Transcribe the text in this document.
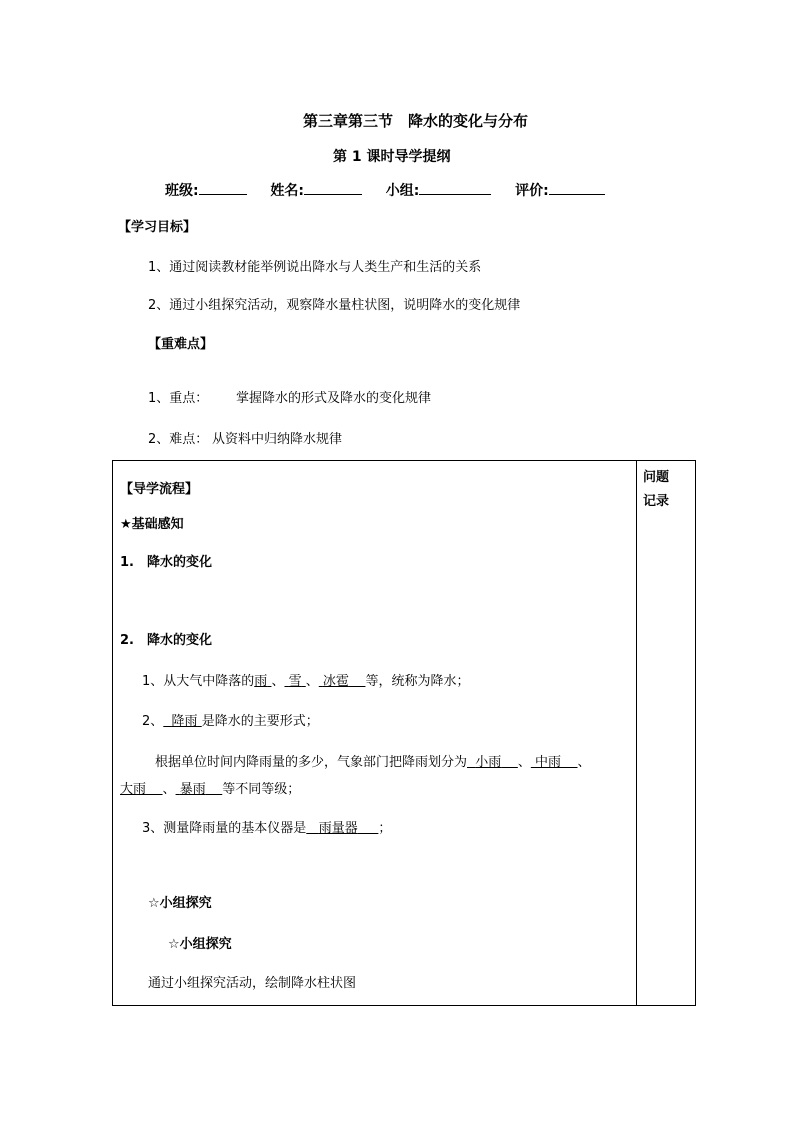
第三章第三节　降水的变化与分布
第 1 课时导学提纲
班级:	姓名:	小组:	评价:
【学习目标】
1、通过阅读教材能举例说出降水与人类生产和生活的关系
2、通过小组探究活动，观察降水量柱状图，说明降水的变化规律
【重难点】
1、重点： 掌握降水的形式及降水的变化规律
2、难点： 从资料中归纳降水规律
问题
记录
【导学流程】
★基础感知
1.　降水的变化
2.　降水的变化
1、从大气中降落的雨 、 雪 、 冰雹 等，统称为降水；
2、 降雨 是降水的主要形式；
根据单位时间内降雨量的多少，气象部门把降雨划分为 小雨 、 中雨 、
大雨 、 暴雨 等不同等级；
3、测量降雨量的基本仪器是 雨量器 ；
☆小组探究
☆小组探究
通过小组探究活动，绘制降水柱状图
